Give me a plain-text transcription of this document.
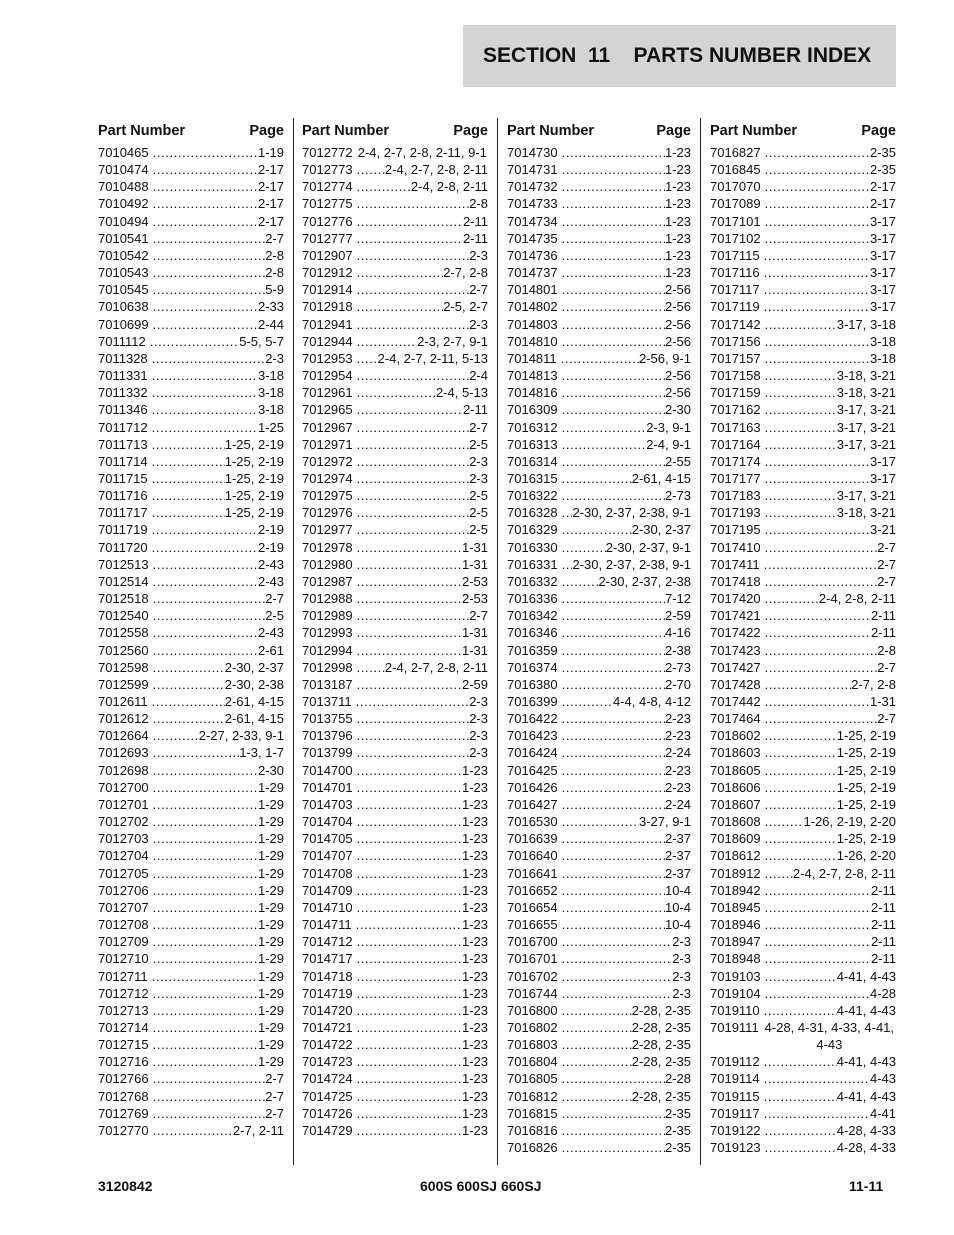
SECTION  11    PARTS NUMBER INDEX
Part Number	Page
7010465 .....	1-19
7010474 .....	2-17
7010488 .....	2-17
7010492 .....	2-17
7010494 .....	2-17
7010541 .....	2-7
7010542 .....	2-8
7010543 .....	2-8
7010545 .....	5-9
7010638 .....	2-33
7010699 .....	2-44
7011112 .....	5-5, 5-7
7011328 .....	2-3
7011331 .....	3-18
7011332 .....	3-18
7011346 .....	3-18
7011712 .....	1-25
7011713 .....	1-25, 2-19
7011714 .....	1-25, 2-19
7011715 .....	1-25, 2-19
7011716 .....	1-25, 2-19
7011717 .....	1-25, 2-19
7011719 .....	2-19
7011720 .....	2-19
7012513 .....	2-43
7012514 .....	2-43
7012518 .....	2-7
7012540 .....	2-5
7012558 .....	2-43
7012560 .....	2-61
7012598 .....	2-30, 2-37
7012599 .....	2-30, 2-38
7012611 .....	2-61, 4-15
7012612 .....	2-61, 4-15
7012664 .....	2-27, 2-33, 9-1
7012693 .....	1-3, 1-7
7012698 .....	2-30
7012700 .....	1-29
7012701 .....	1-29
7012702 .....	1-29
7012703 .....	1-29
7012704 .....	1-29
7012705 .....	1-29
7012706 .....	1-29
7012707 .....	1-29
7012708 .....	1-29
7012709 .....	1-29
7012710 .....	1-29
7012711 .....	1-29
7012712 .....	1-29
7012713 .....	1-29
7012714 .....	1-29
7012715 .....	1-29
7012716 .....	1-29
7012766 .....	2-7
7012768 .....	2-7
7012769 .....	2-7
7012770 .....	2-7, 2-11
Part Number	Page
7012772 2-4, 2-7, 2-8, 2-11, 9-1
7012773 ..... 2-4, 2-7, 2-8, 2-11
7012774 .....	2-4, 2-8, 2-11
7012775 .....	2-8
7012776 .....	2-11
7012777 .....	2-11
7012907 .....	2-3
7012912 .....	2-7, 2-8
7012914 .....	2-7
7012918 .....	2-5, 2-7
7012941 .....	2-3
7012944 .....	2-3, 2-7, 9-1
7012953 ..... 2-4, 2-7, 2-11, 5-13
7012954 .....	2-4
7012961 .....	2-4, 5-13
7012965 .....	2-11
7012967 .....	2-7
7012971 .....	2-5
7012972 .....	2-3
7012974 .....	2-3
7012975 .....	2-5
7012976 .....	2-5
7012977 .....	2-5
7012978 .....	1-31
7012980 .....	1-31
7012987 .....	2-53
7012988 .....	2-53
7012989 .....	2-7
7012993 .....	1-31
7012994 .....	1-31
7012998 ..... 2-4, 2-7, 2-8, 2-11
7013187 .....	2-59
7013711 .....	2-3
7013755 .....	2-3
7013796 .....	2-3
7013799 .....	2-3
7014700 .....	1-23
7014701 .....	1-23
7014703 .....	1-23
7014704 .....	1-23
7014705 .....	1-23
7014707 .....	1-23
7014708 .....	1-23
7014709 .....	1-23
7014710 .....	1-23
7014711 .....	1-23
7014712 .....	1-23
7014717 .....	1-23
7014718 .....	1-23
7014719 .....	1-23
7014720 .....	1-23
7014721 .....	1-23
7014722 .....	1-23
7014723 .....	1-23
7014724 .....	1-23
7014725 .....	1-23
7014726 .....	1-23
7014729 .....	1-23
Part Number	Page
7014730 .....	1-23
7014731 .....	1-23
7014732 .....	1-23
7014733 .....	1-23
7014734 .....	1-23
7014735 .....	1-23
7014736 .....	1-23
7014737 .....	1-23
7014801 .....	2-56
7014802 .....	2-56
7014803 .....	2-56
7014810 .....	2-56
7014811 .....	2-56, 9-1
7014813 .....	2-56
7014816 .....	2-56
7016309 .....	2-30
7016312 .....	2-3, 9-1
7016313 .....	2-4, 9-1
7016314 .....	2-55
7016315 .....	2-61, 4-15
7016322 .....	2-73
7016328 ..... 2-30, 2-37, 2-38, 9-1
7016329 .....	2-30, 2-37
7016330 .....	2-30, 2-37, 9-1
7016331 ..... 2-30, 2-37, 2-38, 9-1
7016332 .....	2-30, 2-37, 2-38
7016336 .....	7-12
7016342 .....	2-59
7016346 .....	4-16
7016359 .....	2-38
7016374 .....	2-73
7016380 .....	2-70
7016399 .....	4-4, 4-8, 4-12
7016422 .....	2-23
7016423 .....	2-23
7016424 .....	2-24
7016425 .....	2-23
7016426 .....	2-23
7016427 .....	2-24
7016530 .....	3-27, 9-1
7016639 .....	2-37
7016640 .....	2-37
7016641 .....	2-37
7016652 .....	10-4
7016654 .....	10-4
7016655 .....	10-4
7016700 .....	2-3
7016701 .....	2-3
7016702 .....	2-3
7016744 .....	2-3
7016800 .....	2-28, 2-35
7016802 .....	2-28, 2-35
7016803 .....	2-28, 2-35
7016804 .....	2-28, 2-35
7016805 .....	2-28
7016812 .....	2-28, 2-35
7016815 .....	2-35
7016816 .....	2-35
7016826 .....	2-35
Part Number	Page
7016827 .....	2-35
7016845 .....	2-35
7017070 .....	2-17
7017089 .....	2-17
7017101 .....	3-17
7017102 .....	3-17
7017115 .....	3-17
7017116 .....	3-17
7017117 .....	3-17
7017119 .....	3-17
7017142 .....	3-17, 3-18
7017156 .....	3-18
7017157 .....	3-18
7017158 .....	3-18, 3-21
7017159 .....	3-18, 3-21
7017162 .....	3-17, 3-21
7017163 .....	3-17, 3-21
7017164 .....	3-17, 3-21
7017174 .....	3-17
7017177 .....	3-17
7017183 .....	3-17, 3-21
7017193 .....	3-18, 3-21
7017195 .....	3-21
7017410 .....	2-7
7017411 .....	2-7
7017418 .....	2-7
7017420 .....	2-4, 2-8, 2-11
7017421 .....	2-11
7017422 .....	2-11
7017423 .....	2-8
7017427 .....	2-7
7017428 .....	2-7, 2-8
7017442 .....	1-31
7017464 .....	2-7
7018602 .....	1-25, 2-19
7018603 .....	1-25, 2-19
7018605 .....	1-25, 2-19
7018606 .....	1-25, 2-19
7018607 .....	1-25, 2-19
7018608 .....	1-26, 2-19, 2-20
7018609 .....	1-25, 2-19
7018612 .....	1-26, 2-20
7018912 ..... 2-4, 2-7, 2-8, 2-11
7018942 .....	2-11
7018945 .....	2-11
7018946 .....	2-11
7018947 .....	2-11
7018948 .....	2-11
7019103 .....	4-41, 4-43
7019104 .....	4-28
7019110 .....	4-41, 4-43
7019111 4-28, 4-31, 4-33, 4-41, 4-43
7019112 .....	4-41, 4-43
7019114 .....	4-43
7019115 .....	4-41, 4-43
7019117 .....	4-41
7019122 .....	4-28, 4-33
7019123 .....	4-28, 4-33
3120842	600S 600SJ 660SJ	11-11
